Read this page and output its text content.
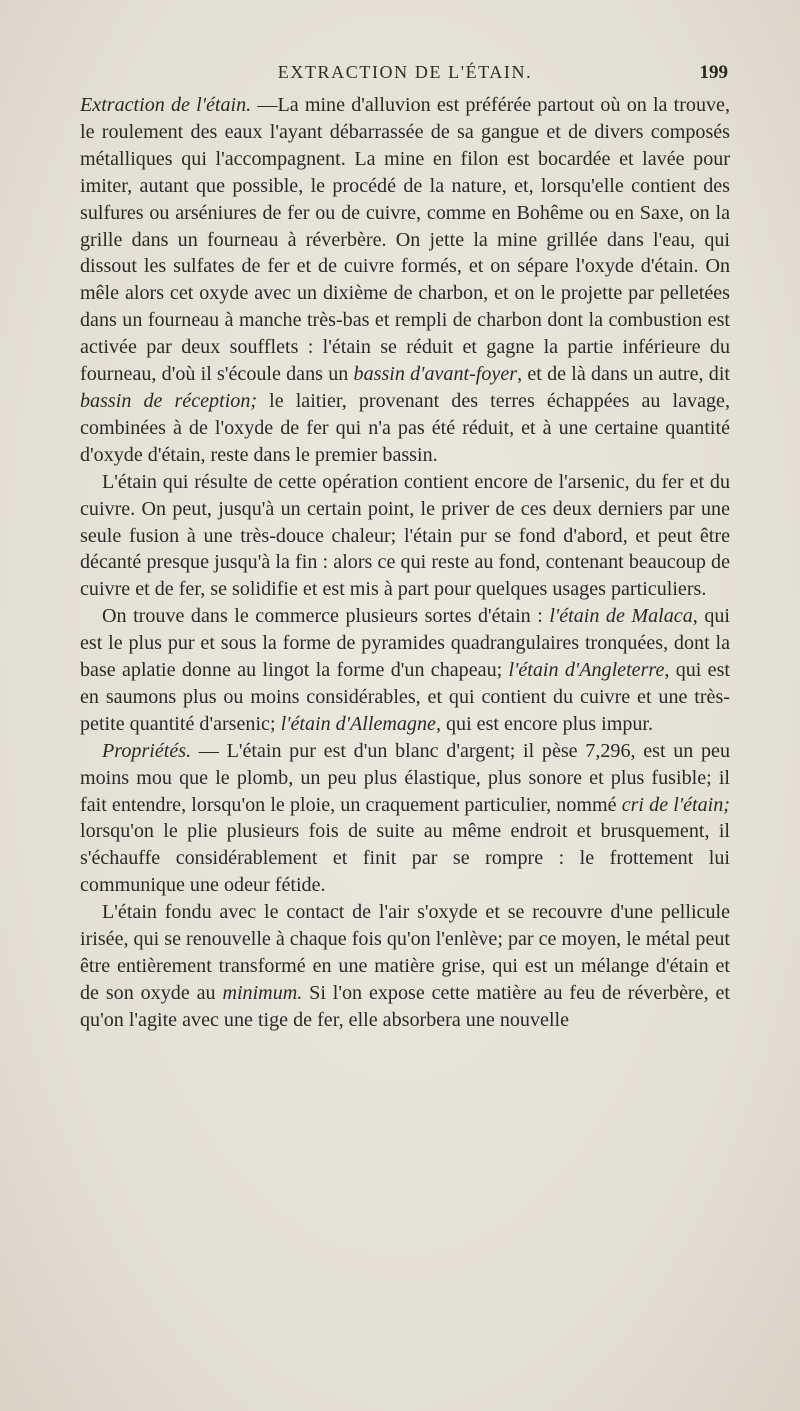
EXTRACTION DE L'ÉTAIN.	199

Extraction de l'étain. —La mine d'alluvion est préférée partout où on la trouve, le roulement des eaux l'ayant débarrassée de sa gangue et de divers composés métalliques qui l'accompagnent. La mine en filon est bocardée et lavée pour imiter, autant que possible, le procédé de la nature, et, lorsqu'elle contient des sulfures ou arséniures de fer ou de cuivre, comme en Bohême ou en Saxe, on la grille dans un fourneau à réverbère. On jette la mine grillée dans l'eau, qui dissout les sulfates de fer et de cuivre formés, et on sépare l'oxyde d'étain. On mêle alors cet oxyde avec un dixième de charbon, et on le projette par pelletées dans un fourneau à manche très-bas et rempli de charbon dont la combustion est activée par deux soufflets : l'étain se réduit et gagne la partie inférieure du fourneau, d'où il s'écoule dans un bassin d'avant-foyer, et de là dans un autre, dit bassin de réception; le laitier, provenant des terres échappées au lavage, combinées à de l'oxyde de fer qui n'a pas été réduit, et à une certaine quantité d'oxyde d'étain, reste dans le premier bassin.

L'étain qui résulte de cette opération contient encore de l'arsenic, du fer et du cuivre. On peut, jusqu'à un certain point, le priver de ces deux derniers par une seule fusion à une très-douce chaleur; l'étain pur se fond d'abord, et peut être décanté presque jusqu'à la fin : alors ce qui reste au fond, contenant beaucoup de cuivre et de fer, se solidifie et est mis à part pour quelques usages particuliers.

On trouve dans le commerce plusieurs sortes d'étain : l'étain de Malaca, qui est le plus pur et sous la forme de pyramides quadrangulaires tronquées, dont la base aplatie donne au lingot la forme d'un chapeau; l'étain d'Angleterre, qui est en saumons plus ou moins considérables, et qui contient du cuivre et une très-petite quantité d'arsenic; l'étain d'Allemagne, qui est encore plus impur.

Propriétés. — L'étain pur est d'un blanc d'argent; il pèse 7,296, est un peu moins mou que le plomb, un peu plus élastique, plus sonore et plus fusible; il fait entendre, lorsqu'on le ploie, un craquement particulier, nommé cri de l'étain; lorsqu'on le plie plusieurs fois de suite au même endroit et brusquement, il s'échauffe considérablement et finit par se rompre : le frottement lui communique une odeur fétide.

L'étain fondu avec le contact de l'air s'oxyde et se recouvre d'une pellicule irisée, qui se renouvelle à chaque fois qu'on l'enlève; par ce moyen, le métal peut être entièrement transformé en une matière grise, qui est un mélange d'étain et de son oxyde au minimum. Si l'on expose cette matière au feu de réverbère, et qu'on l'agite avec une tige de fer, elle absorbera une nouvelle
